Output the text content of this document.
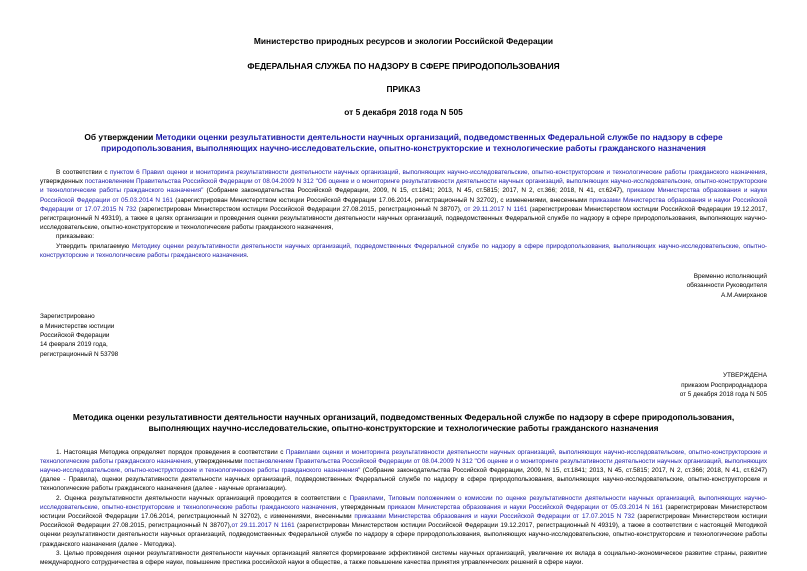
Министерство природных ресурсов и экологии Российской Федерации
ФЕДЕРАЛЬНАЯ СЛУЖБА ПО НАДЗОРУ В СФЕРЕ ПРИРОДОПОЛЬЗОВАНИЯ
ПРИКАЗ
от 5 декабря 2018 года N 505
Об утверждении Методики оценки результативности деятельности научных организаций, подведомственных Федеральной службе по надзору в сфере природопользования, выполняющих научно-исследовательские, опытно-конструкторские и технологические работы гражданского назначения
В соответствии с пунктом 6 Правил оценки и мониторинга результативности деятельности научных организаций, выполняющих научно-исследовательские, опытно-конструкторские и технологические работы гражданского назначения, утвержденных постановлением Правительства Российской Федерации от 08.04.2009 N 312 "Об оценке и о мониторинге результативности деятельности научных организаций, выполняющих научно-исследовательские, опытно-конструкторские и технологические работы гражданского назначения" (Собрание законодательства Российской Федерации, 2009, N 15, ст.1841; 2013, N 45, ст.5815; 2017, N 2, ст.366; 2018, N 41, ст.6247), приказом Министерства образования и науки Российской Федерации от 05.03.2014 N 161 (зарегистрирован Министерством юстиции Российской Федерации 17.06.2014, регистрационный N 32702), с изменениями, внесенными приказами Министерства образования и науки Российской Федерации от 17.07.2015 N 732 (зарегистрирован Министерством юстиции Российской Федерации 27.08.2015, регистрационный N 38707), от 29.11.2017 N 1161 (зарегистрирован Министерством юстиции Российской Федерации 19.12.2017, регистрационный N 49319), а также в целях организации и проведения оценки результативности деятельности научных организаций, подведомственных Федеральной службе по надзору в сфере природопользования, выполняющих научно-исследовательские, опытно-конструкторские и технологические работы гражданского назначения,
приказываю:
Утвердить прилагаемую Методику оценки результативности деятельности научных организаций, подведомственных Федеральной службе по надзору в сфере природопользования, выполняющих научно-исследовательские, опытно-конструкторские и технологические работы гражданского назначения.
Временно исполняющий
обязанности Руководителя
А.М.Амирханов
Зарегистрировано
в Министерстве юстиции
Российской Федерации
14 февраля 2019 года,
регистрационный N 53798
УТВЕРЖДЕНА
приказом Росприроднадзора
от 5 декабря 2018 года N 505
Методика оценки результативности деятельности научных организаций, подведомственных Федеральной службе по надзору в сфере природопользования, выполняющих научно-исследовательские, опытно-конструкторские и технологические работы гражданского назначения
1. Настоящая Методика определяет порядок проведения в соответствии с Правилами оценки и мониторинга результативности деятельности научных организаций, выполняющих научно-исследовательские, опытно-конструкторские и технологические работы гражданского назначения, утвержденными постановлением Правительства Российской Федерации от 08.04.2009 N 312 "Об оценке и о мониторинге результативности деятельности научных организаций, выполняющих научно-исследовательские, опытно-конструкторские и технологические работы гражданского назначения" (Собрание законодательства Российской Федерации, 2009, N 15, ст.1841; 2013, N 45, ст.5815; 2017, N 2, ст.366; 2018, N 41, ст.6247) (далее - Правила), оценки результативности деятельности научных организаций, подведомственных Федеральной службе по надзору в сфере природопользования, выполняющих научно-исследовательские, опытно-конструкторские и технологические работы гражданского назначения (далее - научные организации).
2. Оценка результативности деятельности научных организаций проводится в соответствии с Правилами, Типовым положением о комиссии по оценке результативности деятельности научных организаций, выполняющих научно-исследовательские, опытно-конструкторские и технологические работы гражданского назначения, утвержденным приказом Министерства образования и науки Российской Федерации от 05.03.2014 N 161 (зарегистрирован Министерством юстиции Российской Федерации 17.06.2014, регистрационный N 32702), с изменениями, внесенными приказами Министерства образования и науки Российской Федерации от 17.07.2015 N 732 (зарегистрирован Министерством юстиции Российской Федерации 27.08.2015, регистрационный N 38707),от 29.11.2017 N 1161 (зарегистрирован Министерством юстиции Российской Федерации 19.12.2017, регистрационный N 49319), а также в соответствии с настоящей Методикой оценки результативности деятельности научных организаций, подведомственных Федеральной службе по надзору в сфере природопользования, выполняющих научно-исследовательские, опытно-конструкторские и технологические работы гражданского назначения (далее - Методика).
3. Целью проведения оценки результативности деятельности научных организаций является формирование эффективной системы научных организаций, увеличение их вклада в социально-экономическое развитие страны, развитие международного сотрудничества в сфере науки, повышение престижа российской науки в обществе, а также повышение качества принятия управленческих решений в сфере науки.
